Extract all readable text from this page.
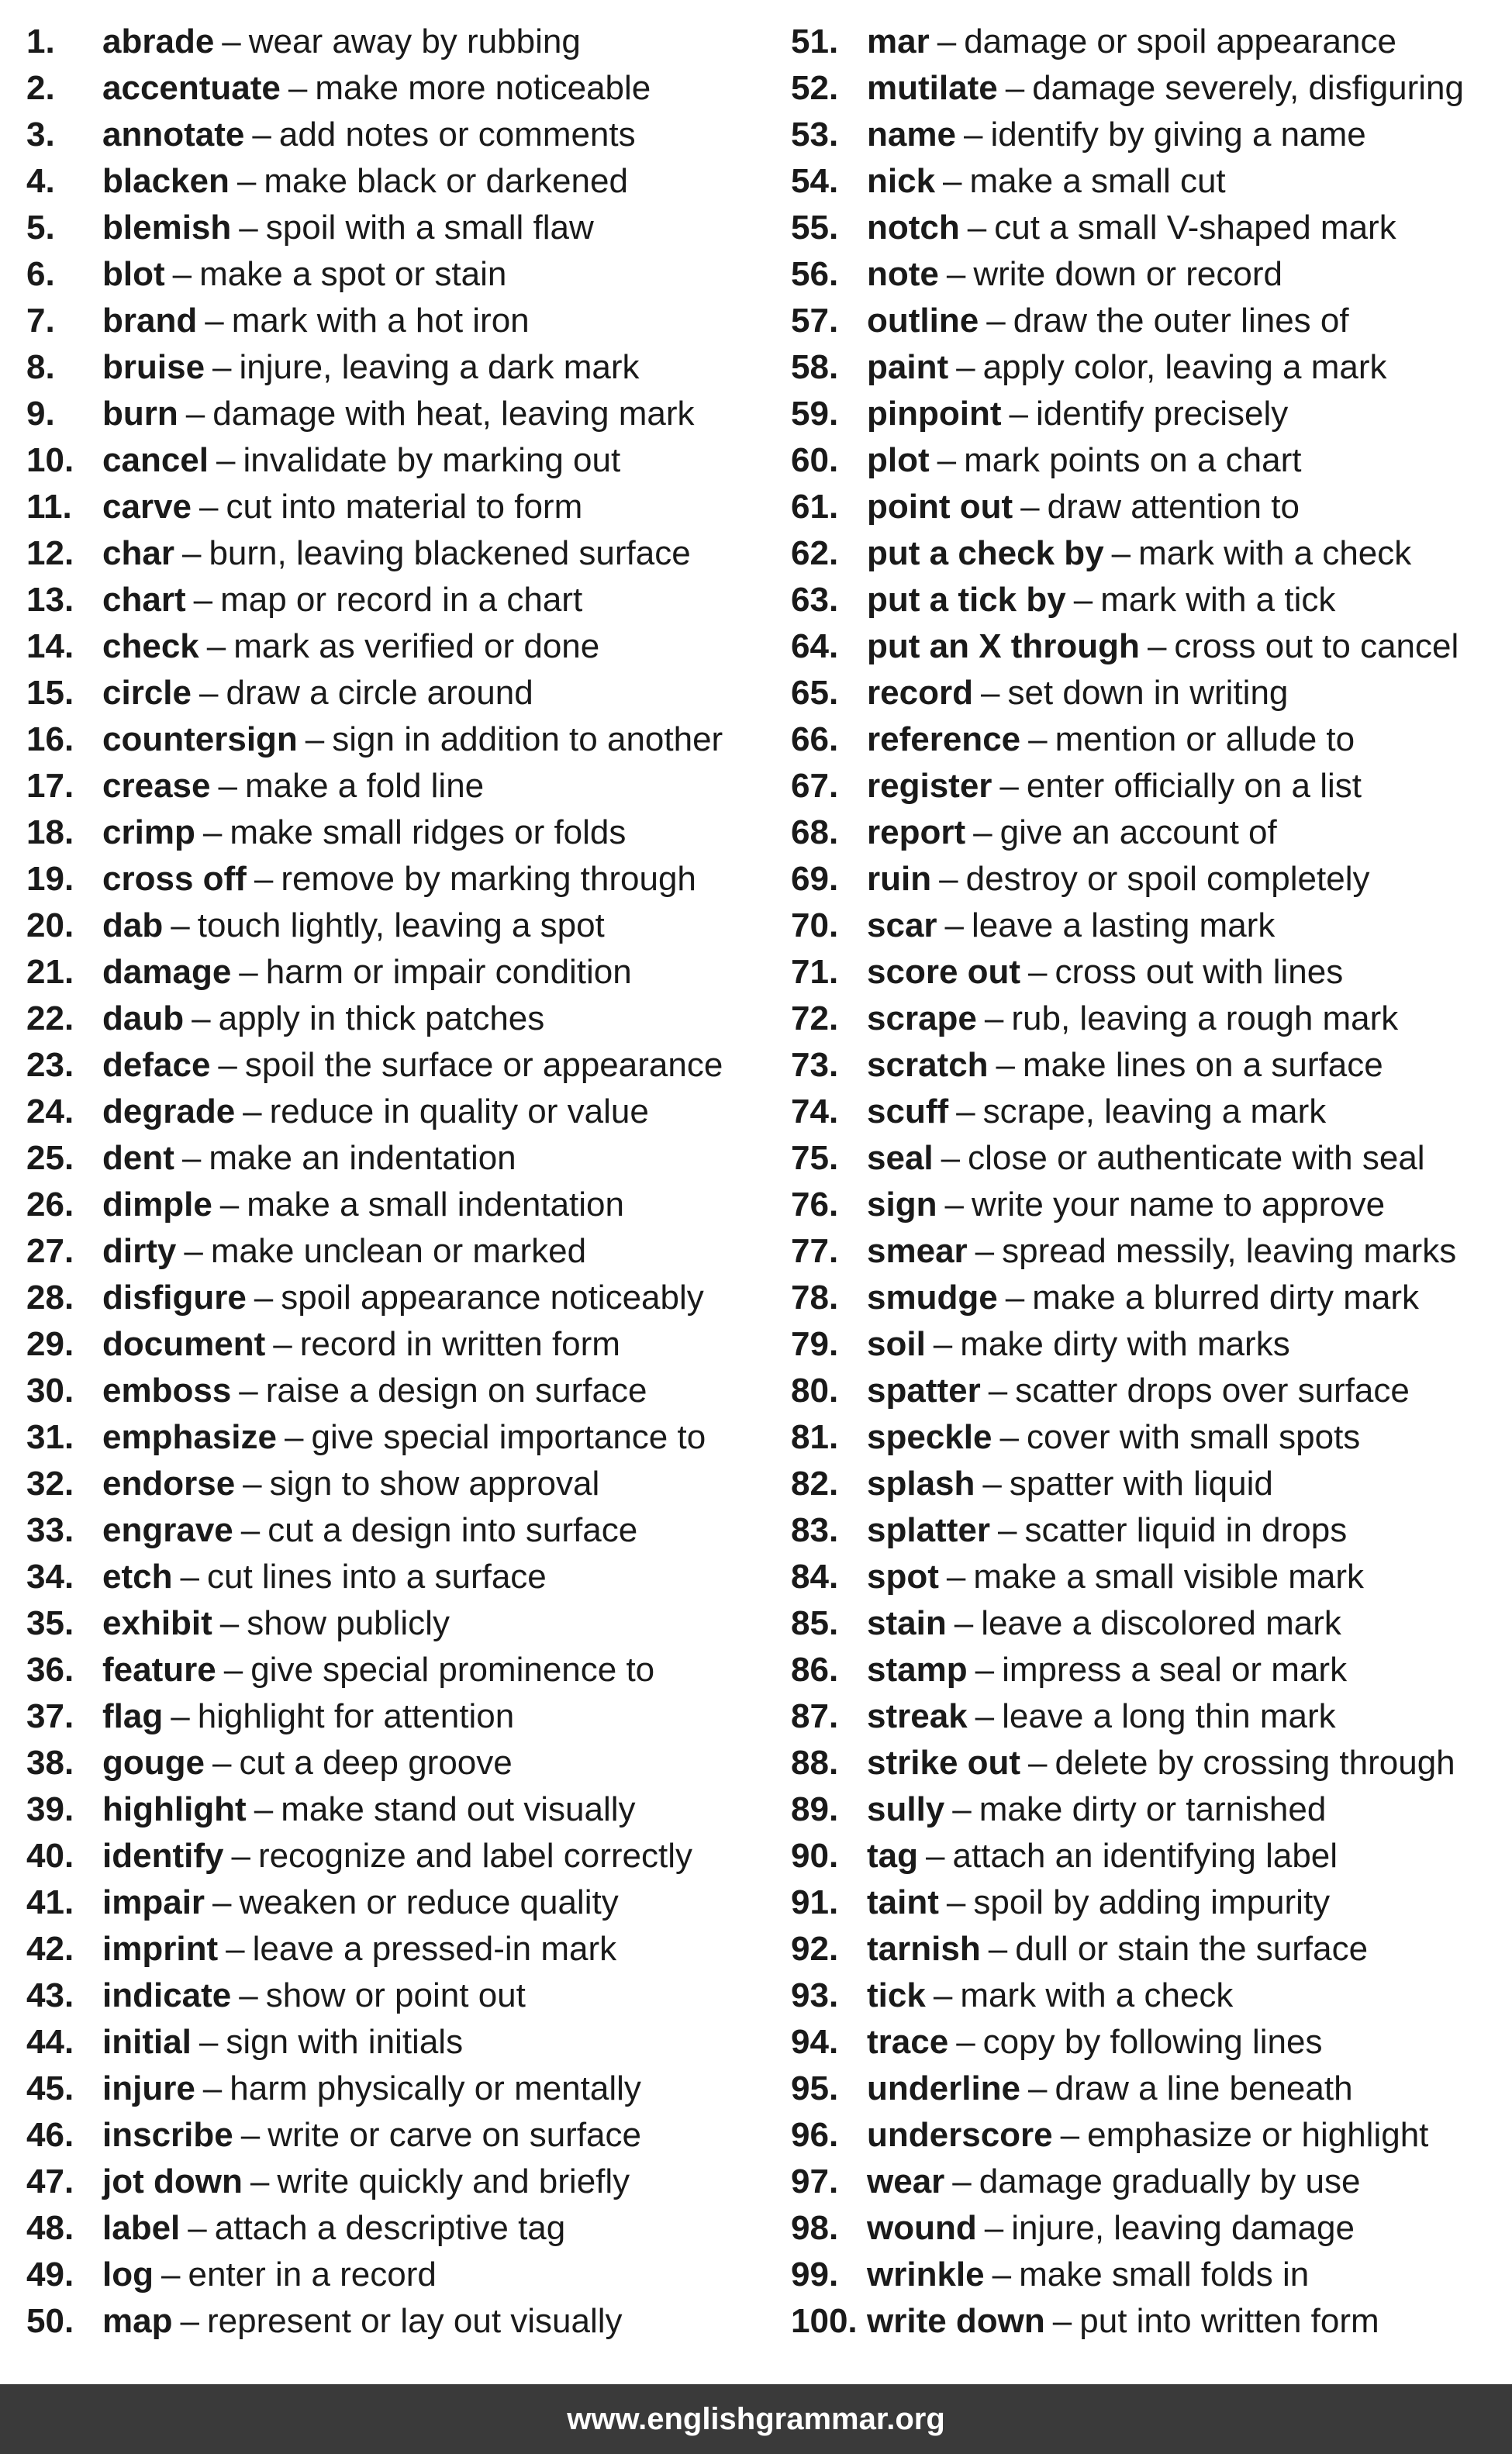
1. abrade – wear away by rubbing
2. accentuate – make more noticeable
3. annotate – add notes or comments
4. blacken – make black or darkened
5. blemish – spoil with a small flaw
6. blot – make a spot or stain
7. brand – mark with a hot iron
8. bruise – injure, leaving a dark mark
9. burn – damage with heat, leaving mark
10. cancel – invalidate by marking out
11. carve – cut into material to form
12. char – burn, leaving blackened surface
13. chart – map or record in a chart
14. check – mark as verified or done
15. circle – draw a circle around
16. countersign – sign in addition to another
17. crease – make a fold line
18. crimp – make small ridges or folds
19. cross off – remove by marking through
20. dab – touch lightly, leaving a spot
21. damage – harm or impair condition
22. daub – apply in thick patches
23. deface – spoil the surface or appearance
24. degrade – reduce in quality or value
25. dent – make an indentation
26. dimple – make a small indentation
27. dirty – make unclean or marked
28. disfigure – spoil appearance noticeably
29. document – record in written form
30. emboss – raise a design on surface
31. emphasize – give special importance to
32. endorse – sign to show approval
33. engrave – cut a design into surface
34. etch – cut lines into a surface
35. exhibit – show publicly
36. feature – give special prominence to
37. flag – highlight for attention
38. gouge – cut a deep groove
39. highlight – make stand out visually
40. identify – recognize and label correctly
41. impair – weaken or reduce quality
42. imprint – leave a pressed-in mark
43. indicate – show or point out
44. initial – sign with initials
45. injure – harm physically or mentally
46. inscribe – write or carve on surface
47. jot down – write quickly and briefly
48. label – attach a descriptive tag
49. log – enter in a record
50. map – represent or lay out visually
51. mar – damage or spoil appearance
52. mutilate – damage severely, disfiguring
53. name – identify by giving a name
54. nick – make a small cut
55. notch – cut a small V-shaped mark
56. note – write down or record
57. outline – draw the outer lines of
58. paint – apply color, leaving a mark
59. pinpoint – identify precisely
60. plot – mark points on a chart
61. point out – draw attention to
62. put a check by – mark with a check
63. put a tick by – mark with a tick
64. put an X through – cross out to cancel
65. record – set down in writing
66. reference – mention or allude to
67. register – enter officially on a list
68. report – give an account of
69. ruin – destroy or spoil completely
70. scar – leave a lasting mark
71. score out – cross out with lines
72. scrape – rub, leaving a rough mark
73. scratch – make lines on a surface
74. scuff – scrape, leaving a mark
75. seal – close or authenticate with seal
76. sign – write your name to approve
77. smear – spread messily, leaving marks
78. smudge – make a blurred dirty mark
79. soil – make dirty with marks
80. spatter – scatter drops over surface
81. speckle – cover with small spots
82. splash – spatter with liquid
83. splatter – scatter liquid in drops
84. spot – make a small visible mark
85. stain – leave a discolored mark
86. stamp – impress a seal or mark
87. streak – leave a long thin mark
88. strike out – delete by crossing through
89. sully – make dirty or tarnished
90. tag – attach an identifying label
91. taint – spoil by adding impurity
92. tarnish – dull or stain the surface
93. tick – mark with a check
94. trace – copy by following lines
95. underline – draw a line beneath
96. underscore – emphasize or highlight
97. wear – damage gradually by use
98. wound – injure, leaving damage
99. wrinkle – make small folds in
100. write down – put into written form
www.englishgrammar.org
